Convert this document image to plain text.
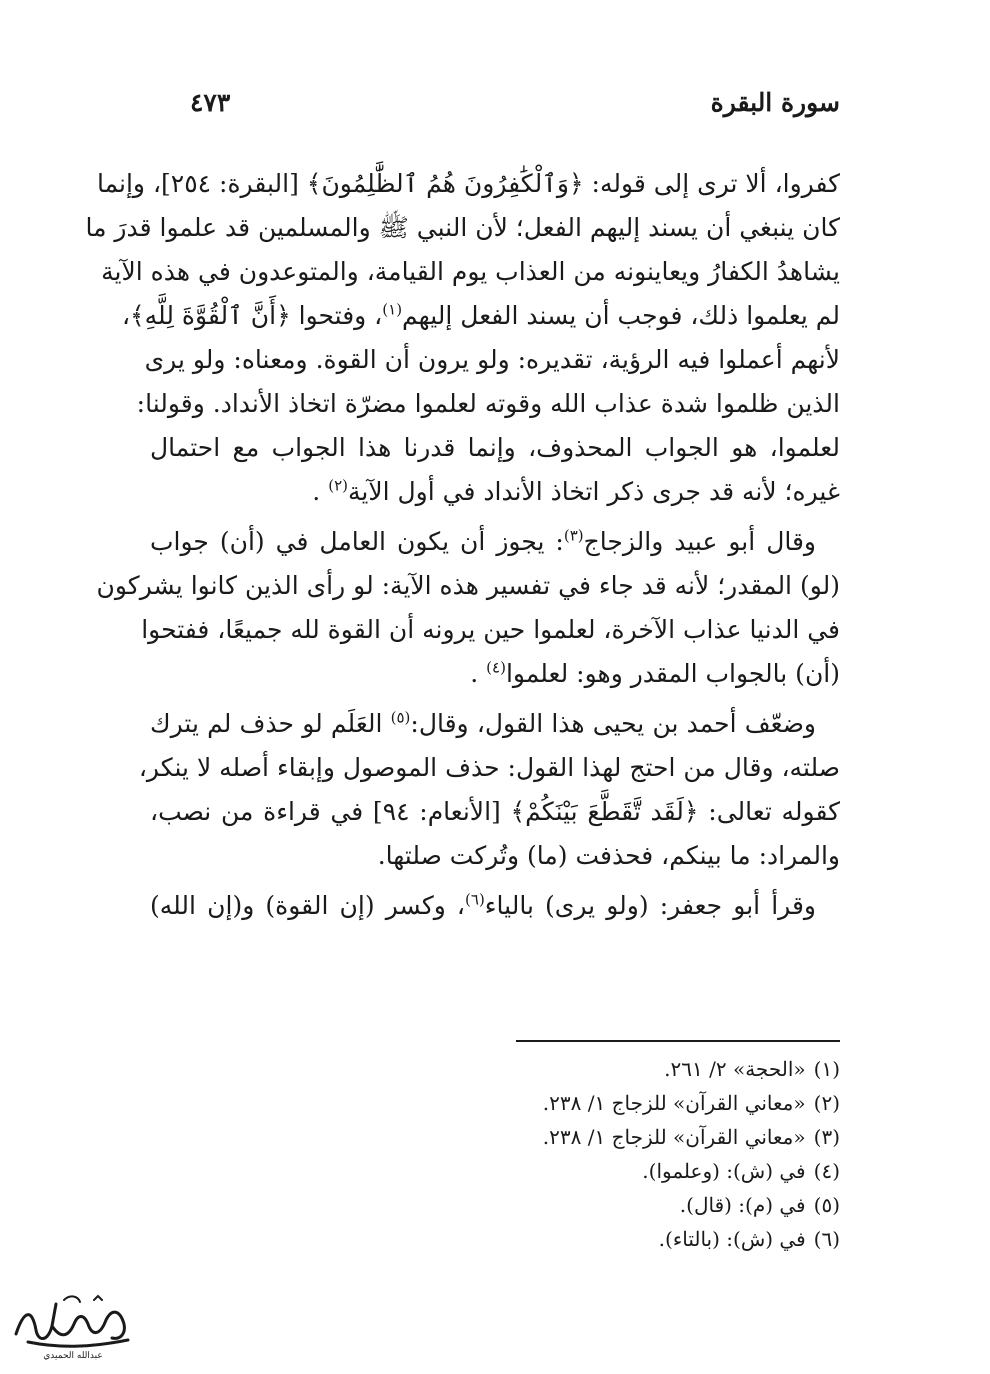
سورة البقرة
٤٧٣
كفروا، ألا ترى إلى قوله: ﴿وَٱلْكَٰفِرُونَ هُمُ ٱلظَّٰلِمُونَ﴾ [البقرة: ٢٥٤]، وإنما
كان ينبغي أن يسند إليهم الفعل؛ لأن النبي ﷺ والمسلمين قد علموا قدرَ ما
يشاهدُ الكفارُ ويعاينونه من العذاب يوم القيامة، والمتوعدون في هذه الآية
لم يعلموا ذلك، فوجب أن يسند الفعل إليهم$^{(١)}$، وفتحوا ﴿أَنَّ ٱلْقُوَّةَ لِلَّهِ﴾،
لأنهم أعملوا فيه الرؤية، تقديره: ولو يرون أن القوة. ومعناه: ولو يرى
الذين ظلموا شدة عذاب الله وقوته لعلموا مضرّة اتخاذ الأنداد. وقولنا:
لعلموا، هو الجواب المحذوف، وإنما قدرنا هذا الجواب مع احتمال
غيره؛ لأنه قد جرى ذكر اتخاذ الأنداد في أول الآية$^{(٢)}$ .
وقال أبو عبيد والزجاج$^{(٣)}$: يجوز أن يكون العامل في (أن) جواب
(لو) المقدر؛ لأنه قد جاء في تفسير هذه الآية: لو رأى الذين كانوا يشركون
في الدنيا عذاب الآخرة، لعلموا حين يرونه أن القوة لله جميعًا، ففتحوا
(أن) بالجواب المقدر وهو: لعلموا$^{(٤)}$ .
وضعّف أحمد بن يحيى هذا القول، وقال:$^{(٥)}$ العَلَم لو حذف لم يترك
صلته، وقال من احتج لهذا القول: حذف الموصول وإبقاء أصله لا ينكر،
كقوله تعالى: ﴿لَقَد تَّقَطَّعَ بَيْنَكُمْ﴾ [الأنعام: ٩٤] في قراءة من نصب،
والمراد: ما بينكم، فحذفت (ما) وتُركت صلتها.
وقرأ أبو جعفر: (ولو يرى) بالياء$^{(٦)}$، وكسر (إن القوة) و(إن الله)
(١)«الحجة» ٢/ ٢٦١.
(٢)«معاني القرآن» للزجاج ١/ ٢٣٨.
(٣)«معاني القرآن» للزجاج ١/ ٢٣٨.
(٤)في (ش): (وعلموا).
(٥)في (م): (قال).
(٦)في (ش): (بالتاء).
عبدالله الحميدي
